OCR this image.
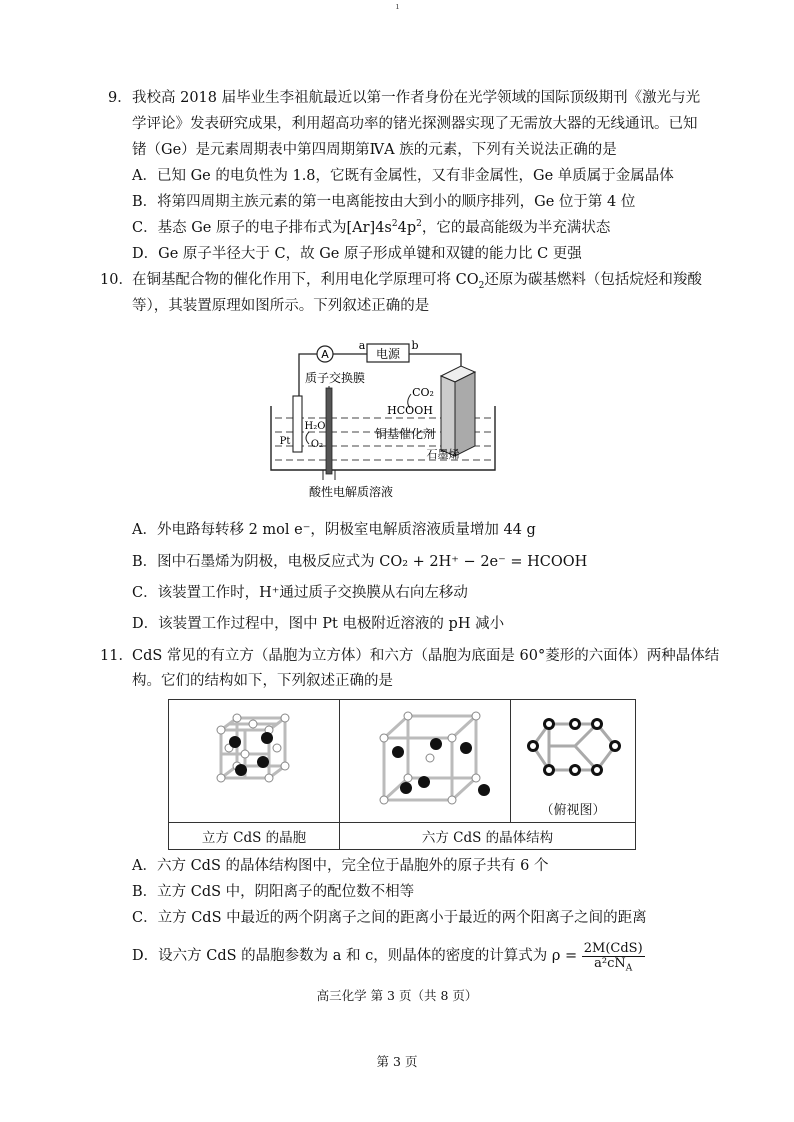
ı
9． 我校高 2018 届毕业生李祖航最近以第一作者身份在光学领域的国际顶级期刊《激光与光
学评论》发表研究成果，利用超高功率的锗光探测器实现了无需放大器的无线通讯。已知
锗（Ge）是元素周期表中第四周期第ⅣA 族的元素，下列有关说法正确的是
A．已知 Ge 的电负性为 1.8，它既有金属性，又有非金属性，Ge 单质属于金属晶体
B．将第四周期主族元素的第一电离能按由大到小的顺序排列，Ge 位于第 4 位
C．基态 Ge 原子的电子排布式为$[Ar]4s^24p^2$，它的最高能级为半充满状态
D．Ge 原子半径大于 C，故 Ge 原子形成单键和双键的能力比 C 更强
10． 在铜基配合物的催化作用下，利用电化学原理可将 $CO_2$还原为碳基燃料（包括烷烃和羧酸
等），其装置原理如图所示。下列叙述正确的是
A	电源
a	b
质子交换膜
CO₂
HCOOH
H₂O
O₂
Pt
铜基催化剂
石墨烯
酸性电解质溶液
A．外电路每转移 2 mol e⁻，阴极室电解质溶液质量增加 44 g
B．图中石墨烯为阴极，电极反应式为 CO₂ + 2H⁺ − 2e⁻ = HCOOH
C．该装置工作时，H⁺通过质子交换膜从右向左移动
D．该装置工作过程中，图中 Pt 电极附近溶液的 pH 减小
11． CdS 常见的有立方（晶胞为立方体）和六方（晶胞为底面是 60°菱形的六面体）两种晶体结
构。它们的结构如下，下列叙述正确的是

（俯视图）

立方 CdS 的晶胞	六方 CdS 的晶体结构	
A．六方 CdS 的晶体结构图中，完全位于晶胞外的原子共有 6 个
B．立方 CdS 中，阴阳离子的配位数不相等
C．立方 CdS 中最近的两个阴离子之间的距离小于最近的两个阳离子之间的距离
D．设六方 CdS 的晶胞参数为 a 和 c，则晶体的密度的计算式为 $\rho = \frac{\text{2M(CdS)}}{a^2cN_A}$
高三化学 第 3 页（共 8 页）
第 3 页
